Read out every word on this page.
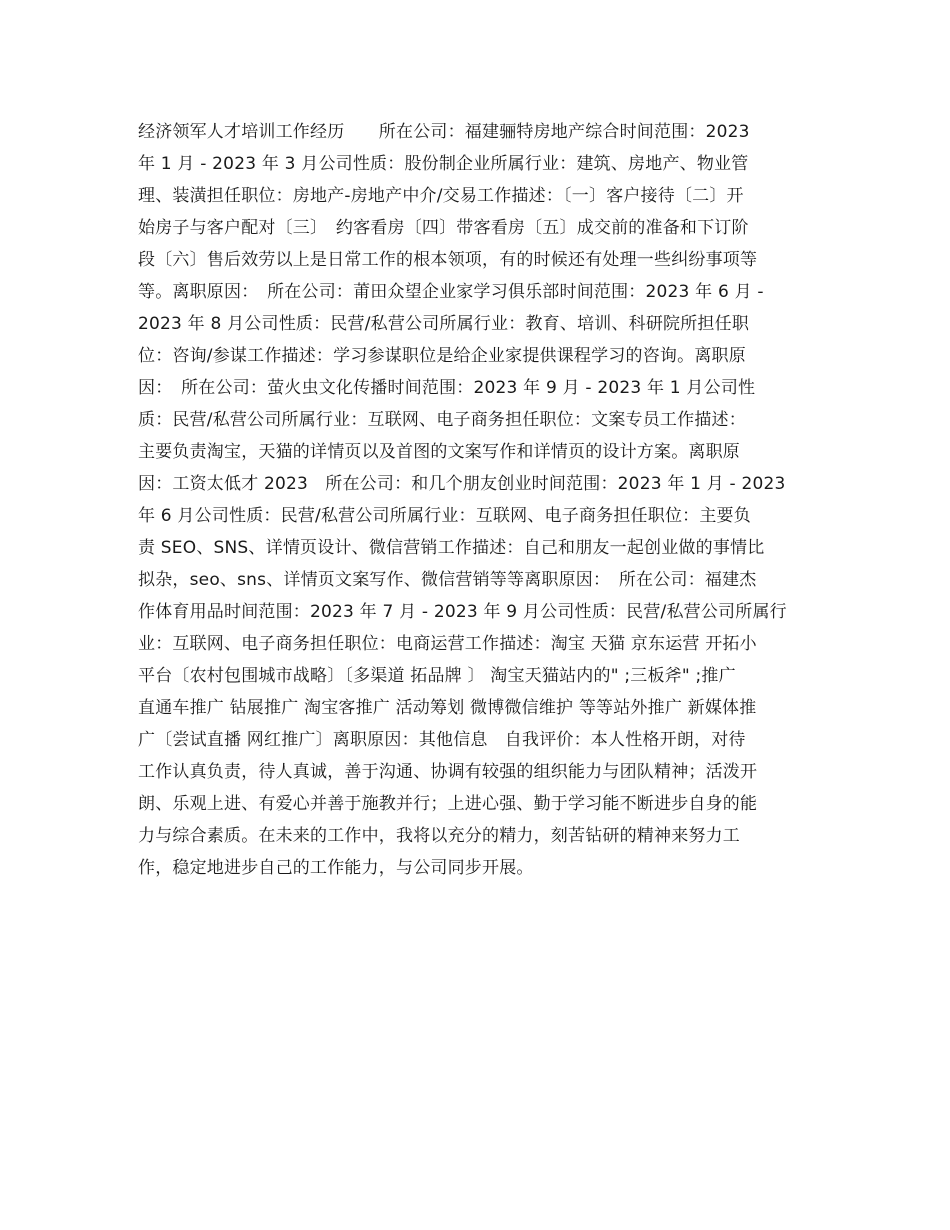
经济领军人才培训工作经历　　所在公司：福建骊特房地产综合时间范围：2023
年 1 月 - 2023 年 3 月公司性质：股份制企业所属行业：建筑、房地产、物业管
理、装潢担任职位：房地产-房地产中介/交易工作描述：〔一〕客户接待〔二〕开
始房子与客户配对〔三〕　约客看房〔四〕带客看房〔五〕成交前的准备和下订阶
段〔六〕售后效劳以上是日常工作的根本领项，有的时候还有处理一些纠纷事项等
等。离职原因：　所在公司：莆田众望企业家学习俱乐部时间范围：2023 年 6 月 -
2023 年 8 月公司性质：民营/私营公司所属行业：教育、培训、科研院所担任职
位：咨询/参谋工作描述：学习参谋职位是给企业家提供课程学习的咨询。离职原
因：　所在公司：萤火虫文化传播时间范围：2023 年 9 月 - 2023 年 1 月公司性
质：民营/私营公司所属行业：互联网、电子商务担任职位：文案专员工作描述：
主要负责淘宝，天猫的详情页以及首图的文案写作和详情页的设计方案。离职原
因：工资太低才 2023　所在公司：和几个朋友创业时间范围：2023 年 1 月 - 2023
年 6 月公司性质：民营/私营公司所属行业：互联网、电子商务担任职位：主要负
责 SEO、SNS、详情页设计、微信营销工作描述：自己和朋友一起创业做的事情比
拟杂，seo、sns、详情页文案写作、微信营销等等离职原因：　所在公司：福建杰
作体育用品时间范围：2023 年 7 月 - 2023 年 9 月公司性质：民营/私营公司所属行
业：互联网、电子商务担任职位：电商运营工作描述：淘宝 天猫 京东运营 开拓小
平台〔农村包围城市战略〕〔多渠道 拓品牌 〕 淘宝天猫站内的" ;三板斧" ;推广
直通车推广 钻展推广 淘宝客推广 活动筹划 微博微信维护 等等站外推广 新媒体推
广〔尝试直播 网红推广〕离职原因：其他信息　自我评价：本人性格开朗，对待
工作认真负责，待人真诚，善于沟通、协调有较强的组织能力与团队精神；活泼开
朗、乐观上进、有爱心并善于施教并行；上进心强、勤于学习能不断进步自身的能
力与综合素质。在未来的工作中，我将以充分的精力，刻苦钻研的精神来努力工
作，稳定地进步自己的工作能力，与公司同步开展。
